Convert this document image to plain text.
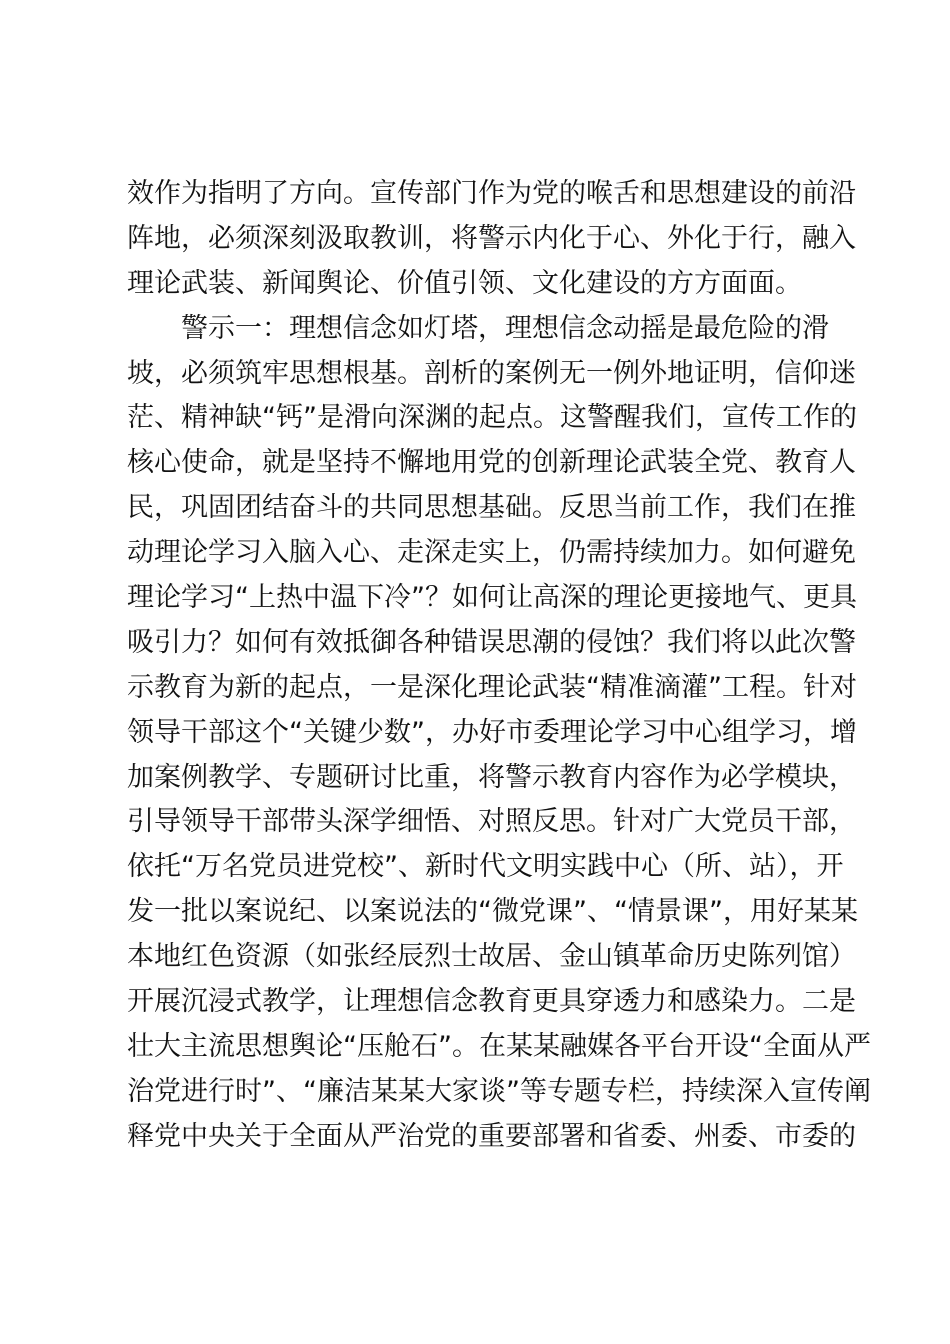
效作为指明了方向。宣传部门作为党的喉舌和思想建设的前沿
阵地，必须深刻汲取教训，将警示内化于心、外化于行，融入
理论武装、新闻舆论、价值引领、文化建设的方方面面。
警示一：理想信念如灯塔，理想信念动摇是最危险的滑
坡，必须筑牢思想根基。剖析的案例无一例外地证明，信仰迷
茫、精神缺“钙”是滑向深渊的起点。这警醒我们，宣传工作的
核心使命，就是坚持不懈地用党的创新理论武装全党、教育人
民，巩固团结奋斗的共同思想基础。反思当前工作，我们在推
动理论学习入脑入心、走深走实上，仍需持续加力。如何避免
理论学习“上热中温下冷”？如何让高深的理论更接地气、更具
吸引力？如何有效抵御各种错误思潮的侵蚀？我们将以此次警
示教育为新的起点，一是深化理论武装“精准滴灌”工程。针对
领导干部这个“关键少数”，办好市委理论学习中心组学习，增
加案例教学、专题研讨比重，将警示教育内容作为必学模块，
引导领导干部带头深学细悟、对照反思。针对广大党员干部，
依托“万名党员进党校”、新时代文明实践中心（所、站），开
发一批以案说纪、以案说法的“微党课”、“情景课”，用好某某
本地红色资源（如张经辰烈士故居、金山镇革命历史陈列馆）
开展沉浸式教学，让理想信念教育更具穿透力和感染力。二是
壮大主流思想舆论“压舱石”。在某某融媒各平台开设“全面从严
治党进行时”、“廉洁某某大家谈”等专题专栏，持续深入宣传阐
释党中央关于全面从严治党的重要部署和省委、州委、市委的
